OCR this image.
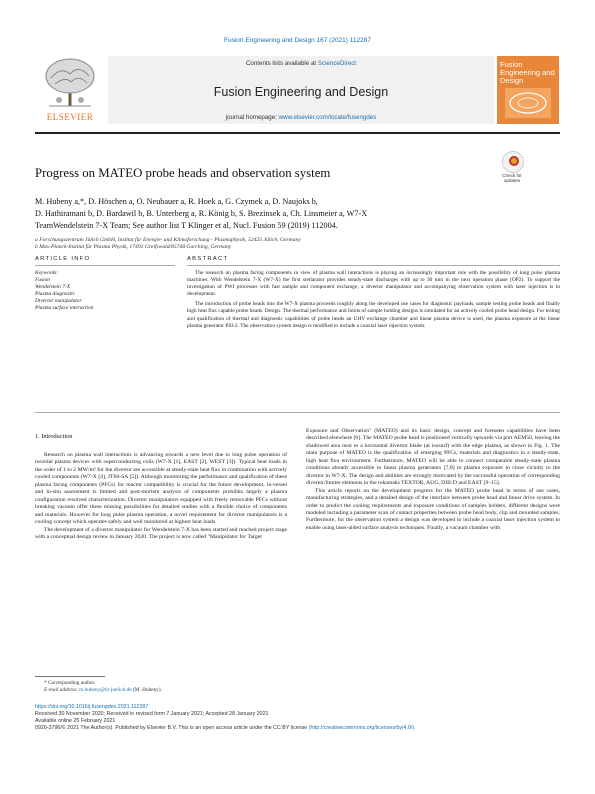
Fusion Engineering and Design 167 (2021) 112287
ELSEVIER
Contents lists available at ScienceDirect
Fusion Engineering and Design
journal homepage: www.elsevier.com/locate/fusengdes
Fusion Engineering and Design
Progress on MATEO probe heads and observation system	Check for updates
M. Hubeny a,*, D. Höschen a, O. Neubauer a, R. Hoek a, G. Czymek a, D. Naujoks b,
D. Hathiramani b, D. Bardawil b, B. Unterberg a, R. König b, S. Brezinsek a, Ch. Linsmeier a, W7-X
TeamWendelstein 7-X Team; See author list T Klinger et al, Nucl. Fusion 59 (2019) 112004.
a Forschungszentrum Jülich GmbH, Institut für Energie- und Klimaforschung - Plasmaphysik, 52425 Jülich, Germany
b Max-Planck-Institut für Plasma Physik, 17491 Greifswald/85748 Garching, Germany
ARTICLE INFO
Keywords:
Fusion
Wendelstein 7-X
Plasma diagnostic
Divertor manipulator
Plasma surface interaction
ABSTRACT

The research on plasma facing components in view of plasma wall interactions is playing an increasingly important role with the possibility of long pulse plasma machines. With Wendelstein 7-X (W7-X) the first stellarator provides steady-state discharges with up to 30 min in the next operation phase (OP2). To support the investigation of PWI processes with fast sample and component exchange, a divertor manipulator and accompanying observation system with laser injection is in development.

The introduction of probe heads into the W7-X plasma proceeds roughly along the developed use cases for diagnostic payloads, sample testing probe heads and finally high heat flux capable probe heads. Design. The thermal performance and limits of sample holding designs is simulated for an actively cooled probe head design. For testing and qualification of thermal and diagnostic capabilities of probe heads an UHV exchange chamber and linear plasma device is used, the plasma exposure at the linear plasma generator PSI-2. The observation system design is modified to include a coaxial laser injection system.

1. Introduction

Research on plasma wall interactions is advancing towards a new level due to long pulse operation of toroidal plasma devices with superconducting coils (W7-X [1], EAST [2], WEST [3]). Typical heat loads in the order of 1 to 2 MW/m² for the divertor are accessible at steady-state heat flux in combination with actively cooled components (W7-X [4], JT60-SA [5]). Although monitoring the performance and qualification of these plasma facing components (PFCs) for reactor compatibility is crucial for the future development, in-vessel and in-situ assessment is limited and post-mortem analysis of components prohibits largely a plasma configuration resolved characterization. Divertor manipulators equipped with freely removable PFCs without breaking vacuum offer these missing possibilities for detailed studies with a flexible choice of components and materials. However for long pulse plasma operation, a novel requirement for divertor manipulators is a cooling concept which operates safely and well monitored at highest heat loads.

The development of a divertor manipulator for Wendelstein 7-X has been started and reached project stage with a conceptual design review in January 2020. The project is now called "Manipulator for Target

Exposure and Observation" (MATEO) and its basic design, concept and foreseen capabilities have been described elsewhere [6]. The MATEO probe head is positioned vertically upwards via port AEM50, leaving the shadowed area next to a horizontal divertor blade (at isosurf) with the edge plasma, as shown in Fig. 1. The main purpose of MATEO is the qualification of emerging PFCs, materials and diagnostics in a steady-state, high heat flux environment. Furthermore, MATEO will be able to connect comparable steady-state plasma conditions already accessible in linear plasma generators [7,8] to plasma exposure in close vicinity to the divertor in W7-X. The design and abilities are strongly motivated by the successful operation of corresponding divertor/limiter elements in the tokamaks TEXTOR, AUG, DIII-D and EAST [9–15].

This article reports on the development progress for the MATEO probe head in terms of use cases, manufacturing strategies, and a detailed design of the interface between probe head and linear drive system. In order to predict the cooling requirements and exposure conditions of samples holders, different designs were modeled including a parameter scan of contact properties between probe head body, clip and mounted samples. Furthermore, for the observation system a design was developed to include a coaxial laser injection system to enable using laser-aided surface analysis techniques. Finally, a vacuum chamber with

* Corresponding author.
E-mail address: m.hubeny@fz-juelich.de (M. Hubeny).
https://doi.org/10.1016/j.fusengdes.2021.112287
Received 30 November 2020; Received in revised form 7 January 2021; Accepted 28 January 2021
Available online 25 February 2021
0920-3796/© 2021 The Author(s). Published by Elsevier B.V. This is an open access article under the CC BY license (http://creativecommons.org/licenses/by/4.0/).
